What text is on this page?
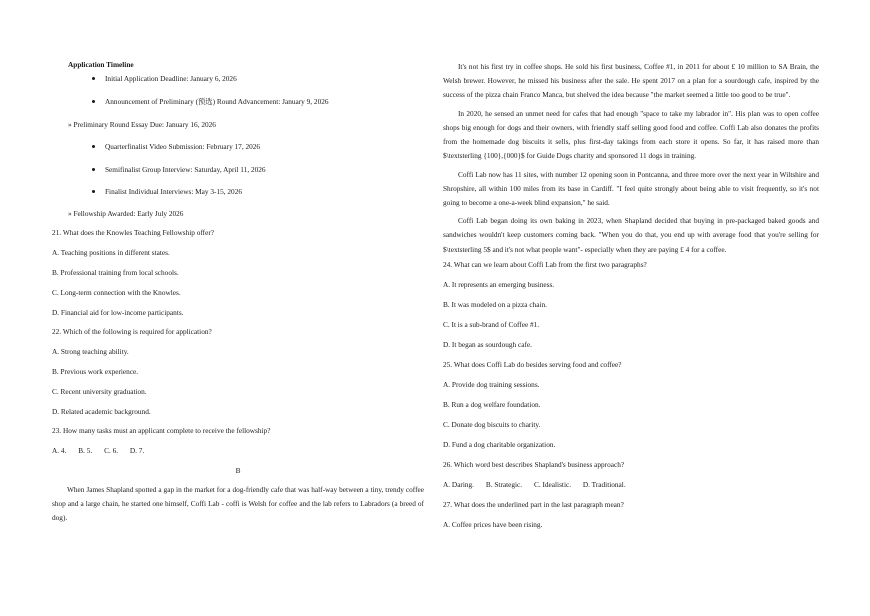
Application Timeline

Initial Application Deadline: January 6, 2026

Announcement of Preliminary (预选) Round Advancement: January 9, 2026

» Preliminary Round Essay Due: January 16, 2026

Quarterfinalist Video Submission: February 17, 2026

Semifinalist Group Interview: Saturday, April 11, 2026

Finalist Individual Interviews: May 3-15, 2026

» Fellowship Awarded: Early July 2026

21. What does the Knowles Teaching Fellowship offer?

A. Teaching positions in different states.

B. Professional training from local schools.

C. Long-term connection with the Knowles.

D. Financial aid for low-income participants.

22. Which of the following is required for application?

A. Strong teaching ability.

B. Previous work experience.

C. Recent university graduation.

D. Related academic background.

23. How many tasks must an applicant complete to receive the fellowship?

A. 4. B. 5. C. 6. D. 7.

B

When James Shapland spotted a gap in the market for a dog-friendly cafe that was half-way between a tiny, trendy coffee shop and a large chain, he started one himself, Coffi Lab - coffi is Welsh for coffee and the lab refers to Labradors (a breed of dog).

It's not his first try in coffee shops. He sold his first business, Coffee #1, in 2011 for about £ 10 million to SA Brain, the Welsh brewer. However, he missed his business after the sale. He spent 2017 on a plan for a sourdough cafe, inspired by the success of the pizza chain Franco Manca, but shelved the idea because "the market seemed a little too good to be true".

In 2020, he sensed an unmet need for cafes that had enough "space to take my labrador in". His plan was to open coffee shops big enough for dogs and their owners, with friendly staff selling good food and coffee. Coffi Lab also donates the profits from the homemade dog biscuits it sells, plus first-day takings from each store it opens. So far, it has raised more than $\textsterling {100},{000}$ for Guide Dogs charity and sponsored 11 dogs in training.

Coffi Lab now has 11 sites, with number 12 opening soon in Pontcanna, and three more over the next year in Wiltshire and Shropshire, all within 100 miles from its base in Cardiff. "I feel quite strongly about being able to visit frequently, so it's not going to become a one-a-week blind expansion," he said.

Coffi Lab began doing its own baking in 2023, when Shapland decided that buying in pre-packaged baked goods and sandwiches wouldn't keep customers coming back. "When you do that, you end up with average food that you're selling for $\textsterling 5$ and it's not what people want"- especially when they are paying £ 4 for a coffee.

24. What can we learn about Coffi Lab from the first two paragraphs?

A. It represents an emerging business.

B. It was modeled on a pizza chain.

C. It is a sub-brand of Coffee #1.

D. It began as sourdough cafe.

25. What does Coffi Lab do besides serving food and coffee?

A. Provide dog training sessions.

B. Run a dog welfare foundation.

C. Donate dog biscuits to charity.

D. Fund a dog charitable organization.

26. Which word best describes Shapland's business approach?

A. Daring. B. Strategic. C. Idealistic. D. Traditional.

27. What does the underlined part in the last paragraph mean?

A. Coffee prices have been rising.
